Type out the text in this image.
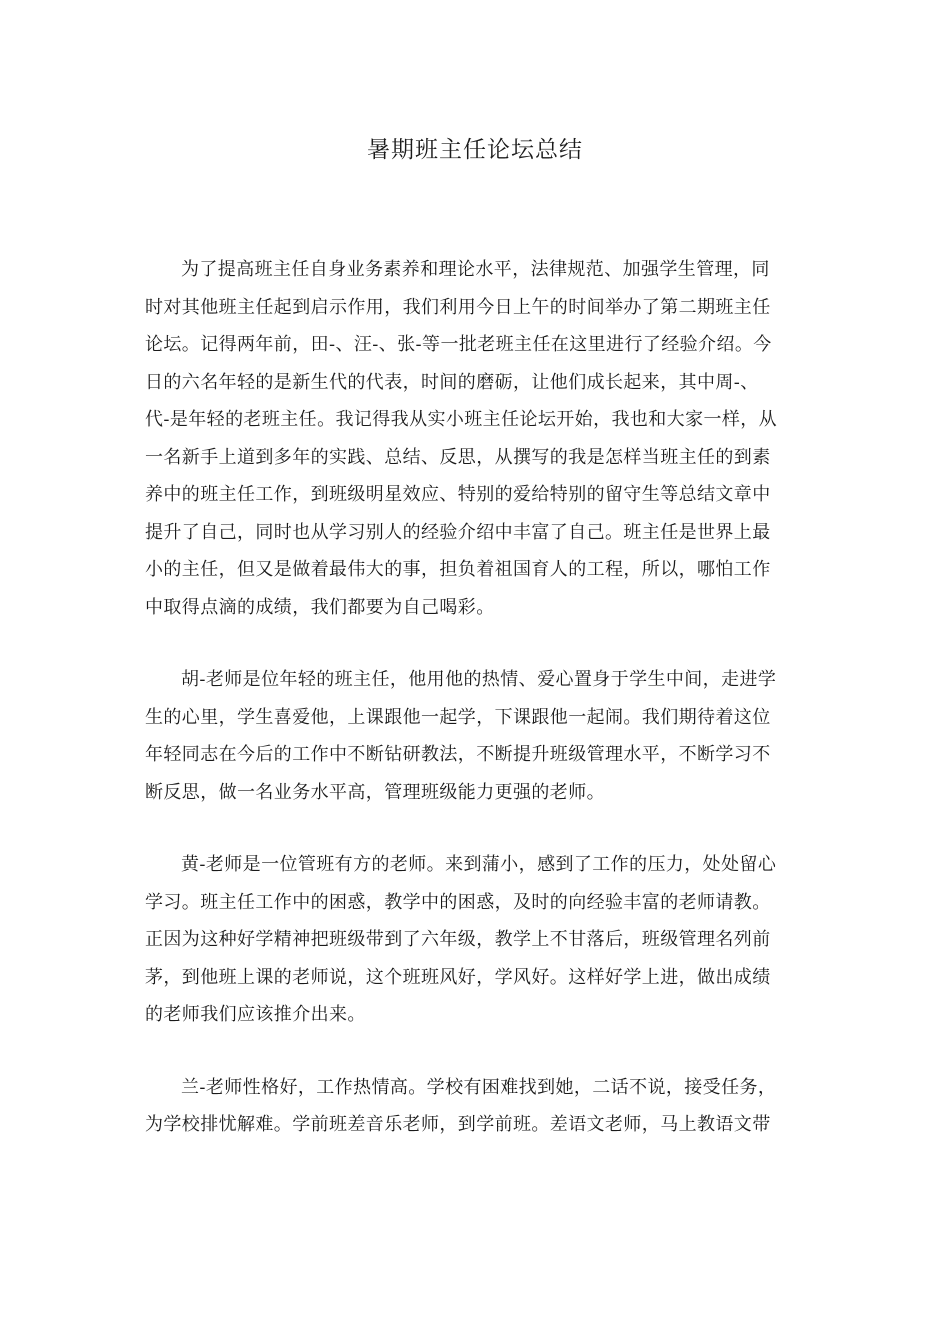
暑期班主任论坛总结
为了提高班主任自身业务素养和理论水平，法律规范、加强学生管理，同
时对其他班主任起到启示作用，我们利用今日上午的时间举办了第二期班主任
论坛。记得两年前，田-、汪-、张-等一批老班主任在这里进行了经验介绍。今
日的六名年轻的是新生代的代表，时间的磨砺，让他们成长起来，其中周-、
代-是年轻的老班主任。我记得我从实小班主任论坛开始，我也和大家一样，从
一名新手上道到多年的实践、总结、反思，从撰写的我是怎样当班主任的到素
养中的班主任工作，到班级明星效应、特别的爱给特别的留守生等总结文章中
提升了自己，同时也从学习别人的经验介绍中丰富了自己。班主任是世界上最
小的主任，但又是做着最伟大的事，担负着祖国育人的工程，所以，哪怕工作
中取得点滴的成绩，我们都要为自己喝彩。
胡-老师是位年轻的班主任，他用他的热情、爱心置身于学生中间，走进学
生的心里，学生喜爱他，上课跟他一起学，下课跟他一起闹。我们期待着这位
年轻同志在今后的工作中不断钻研教法，不断提升班级管理水平，不断学习不
断反思，做一名业务水平高，管理班级能力更强的老师。
黄-老师是一位管班有方的老师。来到蒲小，感到了工作的压力，处处留心
学习。班主任工作中的困惑，教学中的困惑，及时的向经验丰富的老师请教。
正因为这种好学精神把班级带到了六年级，教学上不甘落后，班级管理名列前
茅，到他班上课的老师说，这个班班风好，学风好。这样好学上进，做出成绩
的老师我们应该推介出来。
兰-老师性格好，工作热情高。学校有困难找到她，二话不说，接受任务，
为学校排忧解难。学前班差音乐老师，到学前班。差语文老师，马上教语文带
